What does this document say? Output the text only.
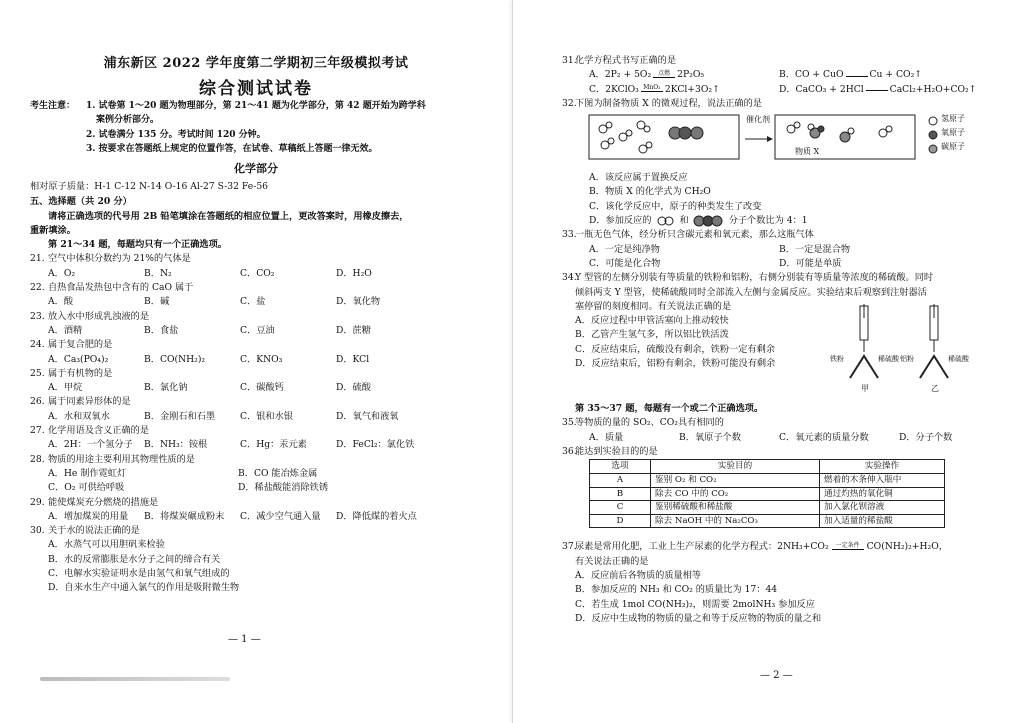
浦东新区 2022 学年度第二学期初三年级模拟考试
综合测试试卷
考生注意：	1. 试卷第 1～20 题为物理部分，第 21～41 题为化学部分，第 42 题开始为跨学科
案例分析部分。
2. 试卷满分 135 分。考试时间 120 分钟。
3. 按要求在答题纸上规定的位置作答，在试卷、草稿纸上答题一律无效。
化学部分
相对原子质量：H-1 C-12 N-14 O-16 Al-27 S-32 Fe-56
五、选择题（共 20 分）
请将正确选项的代号用 2B 铅笔填涂在答题纸的相应位置上，更改答案时，用橡皮擦去，
重新填涂。
第 21～34 题，每题均只有一个正确选项。
21. 空气中体积分数约为 21%的气体是
A．O₂	B．N₂	C．CO₂	D．H₂O
22. 自热食品发热包中含有的 CaO 属于
A．酸	B．碱	C．盐	D．氧化物
23. 放入水中形成乳浊液的是
A．酒精	B．食盐	C．豆油	D．蔗糖
24. 属于复合肥的是
A．Ca₃(PO₄)₂	B．CO(NH₂)₂	C．KNO₃	D．KCl
25. 属于有机物的是
A．甲烷	B．氯化钠	C．碳酸钙	D．硫酸
26. 属于同素异形体的是
A．水和双氧水	B．金刚石和石墨	C．银和水银	D．氧气和液氧
27. 化学用语及含义正确的是
A．2H：一个氢分子	B．NH₃：铵根	C．Hg：汞元素	D．FeCl₂：氯化铁
28. 物质的用途主要利用其物理性质的是
A．He 制作霓虹灯	B．CO 能冶炼金属
C．O₂ 可供给呼吸	D．稀盐酸能消除铁锈
29. 能使煤炭充分燃烧的措施是
A．增加煤炭的用量	B．将煤炭碾成粉末	C．减少空气通入量	D．降低煤的着火点
30. 关于水的说法正确的是
A．水蒸气可以用胆矾来检验
B．水的反常膨胀是水分子之间的缔合有关
C．电解水实验证明水是由氢气和氧气组成的
D．自来水生产中通入氯气的作用是吸附微生物
— 1 —
31.
化学方程式书写正确的是
A．2P₂ + 5O₂ 点燃 2P₂O₅	B．CO + CuO	Cu + CO₂↑
C．2KClO₃ MnO₂ 2KCl+3O₂↑	D．CaCO₃ + 2HCl	CaCl₂+H₂O+CO₂↑
32.
下图为制备物质 X 的微观过程，说法正确的是
催化剂
物质 X
氢原子
氧原子
碳原子
A．该反应属于置换反应
B．物质 X 的化学式为 CH₂O
C．该化学反应中，原子的种类发生了改变
D．参加反应的	和	分子个数比为 4：1
33.
一瓶无色气体，经分析只含碳元素和氧元素，那么这瓶气体
A．一定是纯净物	B．一定是混合物
C．可能是化合物	D．可能是单质
34.
Y 型管的左侧分别装有等质量的铁粉和铝粉，右侧分别装有等质量等浓度的稀硫酸。同时
倾斜两支 Y 型管，使稀硫酸同时全部流入左侧与金属反应。实验结束后观察到注射器活
塞停留的刻度相同。有关说法正确的是
A．反应过程中甲管活塞向上推动较快
B．乙管产生氢气多，所以铝比铁活泼
C．反应结束后，硫酸没有剩余，铁粉一定有剩余
D．反应结束后，铝粉有剩余，铁粉可能没有剩余	铁粉	稀硫酸 铝粉	稀硫酸
甲	乙
第 35～37 题，每题有一个或二个正确选项。
35.
等物质的量的 SO₂、CO₂具有相同的
A．质量	B．氧原子个数	C．氧元素的质量分数	D．分子个数
36.
能达到实验目的的是
选项	实验目的	实验操作
A	鉴别 O₂ 和 CO₂	燃着的木条伸入瓶中
B	除去 CO 中的 CO₂	通过灼热的氧化铜
C	鉴别稀硫酸和稀盐酸	加入氯化钡溶液
D	除去 NaOH 中的 Na₂CO₃	加入适量的稀盐酸
37.
尿素是常用化肥，工业上生产尿素的化学方程式：2NH₃+CO₂ 一定条件 CO(NH₂)₂+H₂O，
有关说法正确的是
A．反应前后各物质的质量相等
B．参加反应的 NH₃ 和 CO₂ 的质量比为 17：44
C．若生成 1mol CO(NH₂)₂，则需要 2molNH₃ 参加反应
D．反应中生成物的物质的量之和等于反应物的物质的量之和
— 2 —
